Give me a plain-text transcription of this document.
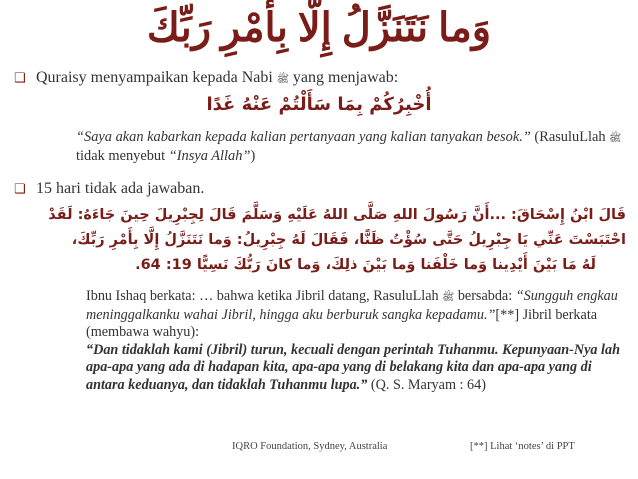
وَما نَتَنَزَّلُ إِلَّا بِأَمْرِ رَبِّكَ
❑ Quraisy menyampaikan kepada Nabi ﷺ yang menjawab:
أُخْبِرُكُمْ بِمَا سَأَلْتُمْ عَنْهُ غَدًا
“Saya akan kabarkan kepada kalian pertanyaan yang kalian tanyakan besok.” (RasuluLlah ﷺ tidak menyebut “Insya Allah”)
❑ 15 hari tidak ada jawaban.
قَالَ ابْنُ إِسْحَاقَ: ...أَنَّ رَسُولَ اللهِ صَلَّى اللهُ عَلَيْهِ وَسَلَّمَ قَالَ لِجِبْرِيلَ حِينَ جَاءَهُ: لَقَدْ
احْتَبَسْتَ عَنِّي يَا جِبْرِيلُ حَتَّى سُؤْتُ ظَنًّا، فَقَالَ لَهُ جِبْرِيلُ: وَما نَتَنَزَّلُ إِلَّا بِأَمْرِ رَبِّكَ،
لَهُ مَا بَيْنَ أَيْدِينا وَما خَلْفَنا وَما بَيْنَ ذلِكَ، وَما كانَ رَبُّكَ نَسِيًّا 19: 64.
Ibnu Ishaq berkata: … bahwa ketika Jibril datang, RasuluLlah ﷺ bersabda: “Sungguh engkau meninggalkanku wahai Jibril, hingga aku berburuk sangka kepadamu.”[**] Jibril berkata (membawa wahyu):
“Dan tidaklah kami (Jibril) turun, kecuali dengan perintah Tuhanmu. Kepunyaan-Nya lah apa-apa yang ada di hadapan kita, apa-apa yang di belakang kita dan apa-apa yang di antara keduanya, dan tidaklah Tuhanmu lupa.” (Q. S. Maryam : 64)
IQRO Foundation, Sydney, Australia	[**] Lihat ‘notes’ di PPT
